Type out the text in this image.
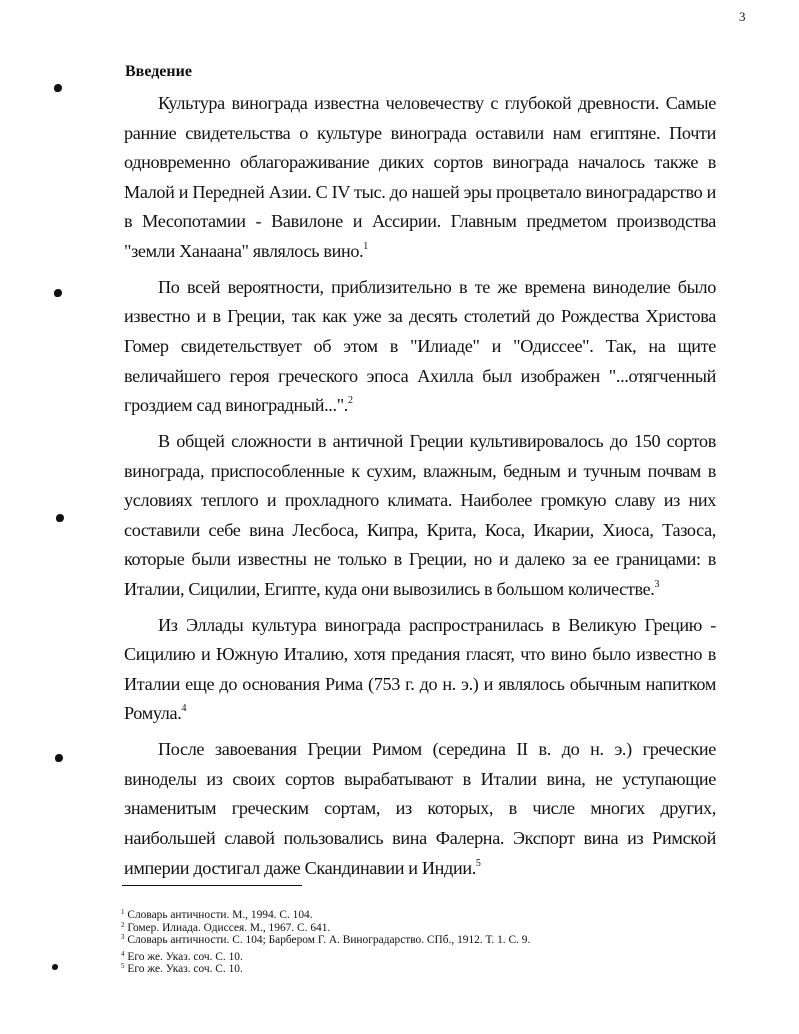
3
Введение

Культура винограда известна человечеству с глубокой древности. Самые ранние свидетельства о культуре винограда оставили нам египтяне. Почти одновременно облагораживание диких сортов винограда началось также в Малой и Передней Азии. С IV тыс. до нашей эры процветало виноградарство и в Месопотамии - Вавилоне и Ассирии. Главным предметом производства "земли Ханаана" являлось вино.$^1$

По всей вероятности, приблизительно в те же времена виноделие было известно и в Греции, так как уже за десять столетий до Рождества Христова Гомер свидетельствует об этом в "Илиаде" и "Одиссее". Так, на щите величайшего героя греческого эпоса Ахилла был изображен "...отягченный гроздием сад виноградный...".$^2$

В общей сложности в античной Греции культивировалось до 150 сортов винограда, приспособленные к сухим, влажным, бедным и тучным почвам в условиях теплого и прохладного климата. Наиболее громкую славу из них составили себе вина Лесбоса, Кипра, Крита, Коса, Икарии, Хиоса, Тазоса, которые были известны не только в Греции, но и далеко за ее границами: в Италии, Сицилии, Египте, куда они вывозились в большом количестве.$^3$

Из Эллады культура винограда распространилась в Великую Грецию - Сицилию и Южную Италию, хотя предания гласят, что вино было известно в Италии еще до основания Рима (753 г. до н. э.) и являлось обычным напитком Ромула.$^4$

После завоевания Греции Римом (середина II в. до н. э.) греческие виноделы из своих сортов вырабатывают в Италии вина, не уступающие знаменитым греческим сортам, из которых, в числе многих других, наибольшей славой пользовались вина Фалерна. Экспорт вина из Римской империи достигал даже Скандинавии и Индии.$^5$

$^1$ Словарь античности. М., 1994. С. 104.

$^2$ Гомер. Илиада. Одиссея. М., 1967. С. 641.

$^3$ Словарь античности. С. 104; Барбером Г. А. Виноградарство. СПб., 1912. Т. 1. С. 9.

$^4$ Его же. Указ. соч. С. 10.

$^5$ Его же. Указ. соч. С. 10.
